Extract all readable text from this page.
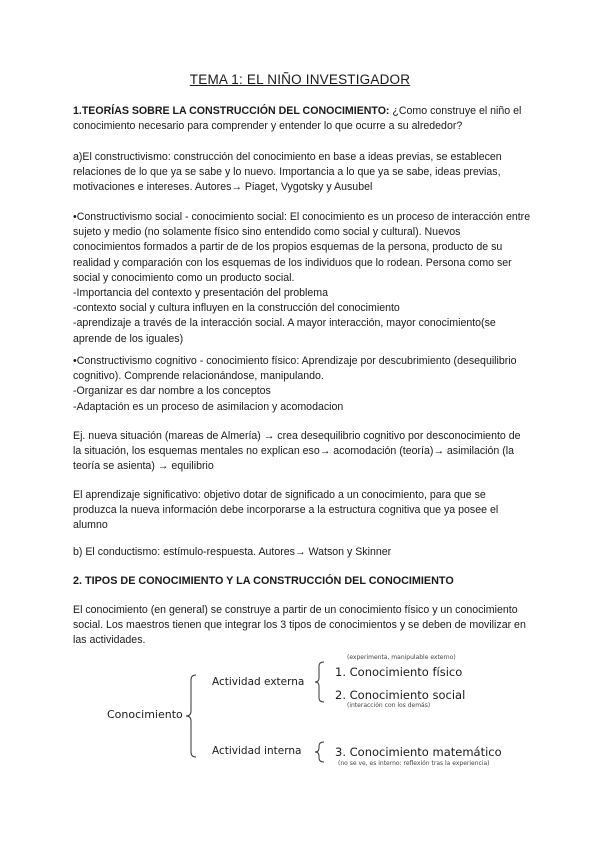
TEMA 1: EL NIÑO INVESTIGADOR

1.TEORÍAS SOBRE LA CONSTRUCCIÓN DEL CONOCIMIENTO: ¿Como construye el niño el conocimiento necesario para comprender y entender lo que ocurre a su alrededor?

a)El constructivismo: construcción del conocimiento en base a ideas previas, se establecen relaciones de lo que ya se sabe y lo nuevo. Importancia a lo que ya se sabe, ideas previas, motivaciones e intereses. Autores→ Piaget, Vygotsky y Ausubel

•Constructivismo social - conocimiento social: El conocimiento es un proceso de interacción entre sujeto y medio (no solamente físico sino entendido como social y cultural). Nuevos conocimientos formados a partir de de los propios esquemas de la persona, producto de su realidad y comparación con los esquemas de los individuos que lo rodean. Persona como ser social y conocimiento como un producto social.

-Importancia del contexto y presentación del problema

-contexto social y cultura influyen en la construcción del conocimiento

-aprendizaje a través de la interacción social. A mayor interacción, mayor conocimiento(se aprende de los iguales)

•Constructivismo cognitivo - conocimiento físico: Aprendizaje por descubrimiento (desequilibrio cognitivo). Comprende relacionándose, manipulando.

-Organizar es dar nombre a los conceptos

-Adaptación es un proceso de asimilacion y acomodacion

Ej. nueva situación (mareas de Almería) → crea desequilibrio cognitivo por desconocimiento de la situación, los esquemas mentales no explican eso→ acomodación (teoría)→ asimilación (la teoría se asienta) → equilibrio

El aprendizaje significativo: objetivo dotar de significado a un conocimiento, para que se produzca la nueva información debe incorporarse a la estructura cognitiva que ya posee el alumno

b) El conductismo: estímulo-respuesta. Autores→ Watson y Skinner

2. TIPOS DE CONOCIMIENTO Y LA CONSTRUCCIÓN DEL CONOCIMIENTO

El conocimiento (en general) se construye a partir de un conocimiento físico y un conocimiento social. Los maestros tienen que integrar los 3 tipos de conocimientos y se deben de movilizar en las actividades.

Conocimiento
Actividad externa
Actividad interna
(experimenta, manipulable externo)
1. Conocimiento físico
2. Conocimiento social
(interacción con los demás)
3. Conocimiento matemático
(no se ve, es interno: reflexión tras la experiencia)
